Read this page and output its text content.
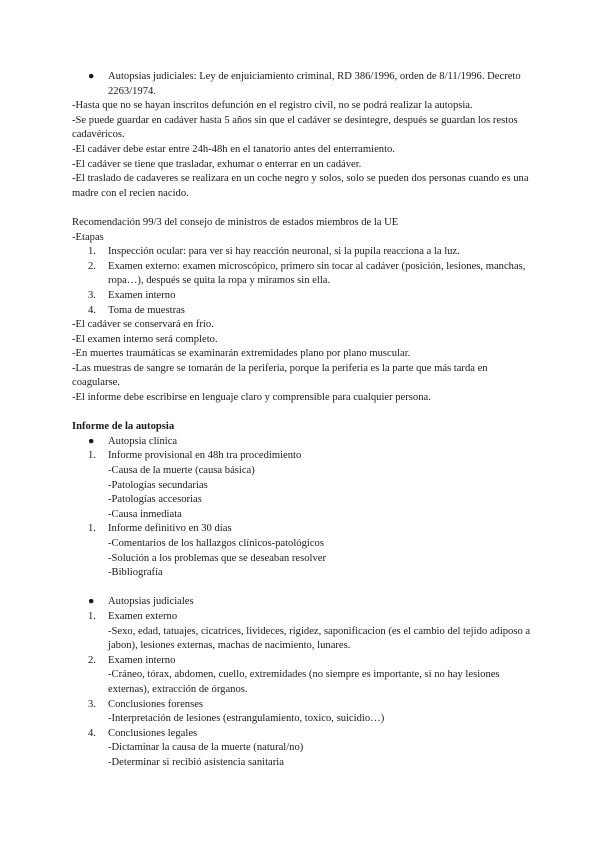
● Autopsias judiciales: Ley de enjuiciamiento criminal, RD 386/1996, orden de 8/11/1996. Decreto 2263/1974.

-Hasta que no se hayan inscritos defunción en el registro civil, no se podrá realizar la autopsia.

-Se puede guardar en cadáver hasta 5 años sin que el cadáver se desintegre, después se guardan los restos cadavéricos.

-El cadáver debe estar entre 24h-48h en el tanatorio antes del enterramiento.

-El cadáver se tiene que trasladar, exhumar o enterrar en un cadáver.

-El traslado de cadaveres se realizara en un coche negro y solos, solo se pueden dos personas cuando es una madre con el recien nacido.

Recomendación 99/3 del consejo de ministros de estados miembros de la UE

-Etapas

1. Inspección ocular: para ver si hay reacción neuronal, si la pupila reacciona a la luz.
2. Examen externo: examen microscópico, primero sin tocar al cadáver (posición, lesiones, manchas, ropa…), después se quita la ropa y miramos sin ella.
3. Examen interno
4. Toma de muestras

-El cadáver se conservará en frío.

-El examen interno será completo.

-En muertes traumáticas se examinarán extremidades plano por plano muscular.

-Las muestras de sangre se tomarán de la periferia, porque la periferia es la parte que más tarda en coagularse.

-El informe debe escribirse en lenguaje claro y comprensible para cualquier persona.

Informe de la autopsia

● Autopsia clínica
1. Informe provisional en 48h tra procedimiento

-Causa de la muerte (causa básica)

-Patologías secundarias

-Patologías accesorias

-Causa inmediata

1. Informe definitivo en 30 días

-Comentarios de los hallazgos clínicos-patológicos

-Solución a los problemas que se deseaban resolver

-Bibliografía

● Autopsias judiciales
1. Examen externo

-Sexo, edad, tatuajes, cicatrices, livideces, rigidez, saponificacion (es el cambio del tejido adiposo a jabon), lesiones externas, machas de nacimiento, lunares.

2. Examen interno

-Cráneo, tórax, abdomen, cuello, extremidades (no siempre es importante, si no hay lesiones externas), extracción de órganos.

3. Conclusiones forenses

-Interpretación de lesiones (estrangulamiento, toxico, suicidio…)

4. Conclusiones legales

-Dictaminar la causa de la muerte (natural/no)

-Determinar si recibió asistencia sanitaria
